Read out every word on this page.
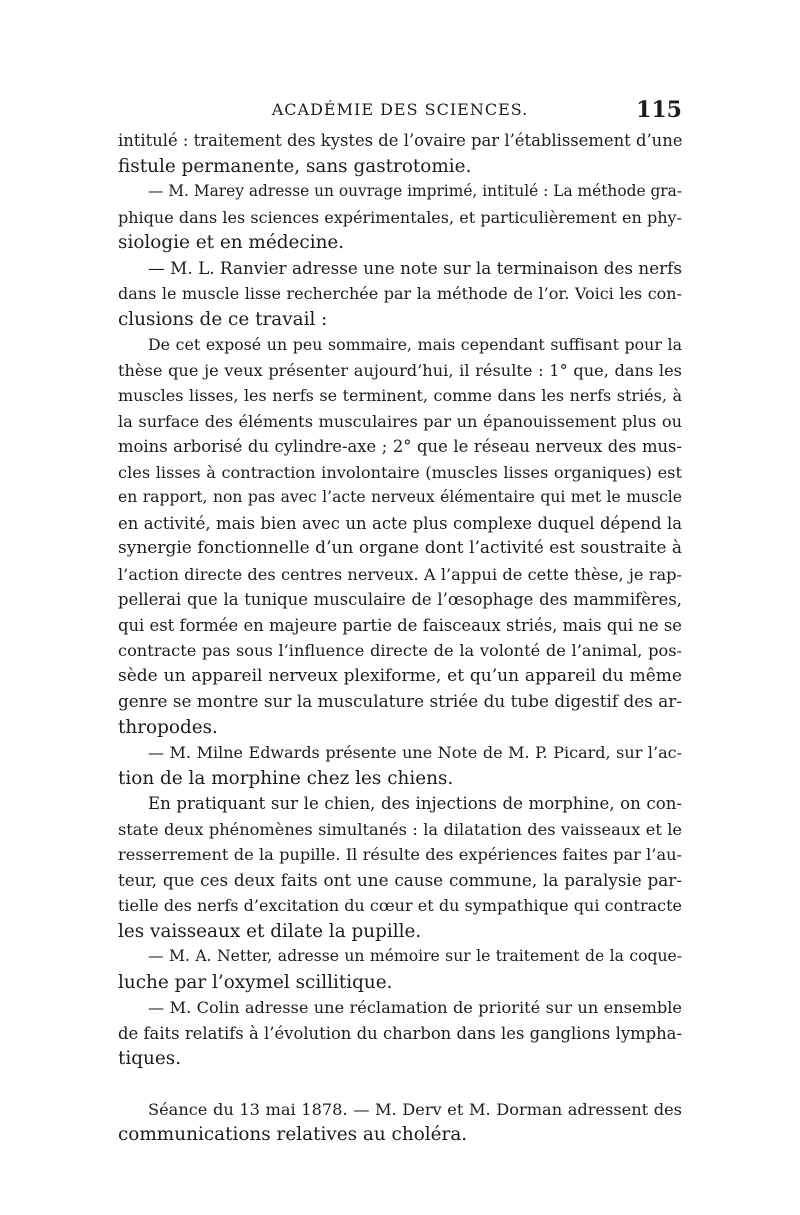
ACADÉMIE DES SCIENCES.	115
intitulé : traitement des kystes de l’ovaire par l’établissement d’une
fistule permanente, sans gastrotomie.
— M. Marey adresse un ouvrage imprimé, intitulé : La méthode gra-
phique dans les sciences expérimentales, et particulièrement en phy-
siologie et en médecine.
— M. L. Ranvier adresse une note sur la terminaison des nerfs
dans le muscle lisse recherchée par la méthode de l’or. Voici les con-
clusions de ce travail :
De cet exposé un peu sommaire, mais cependant suffisant pour la
thèse que je veux présenter aujourd’hui, il résulte : 1° que, dans les
muscles lisses, les nerfs se terminent, comme dans les nerfs striés, à
la surface des éléments musculaires par un épanouissement plus ou
moins arborisé du cylindre-axe ; 2° que le réseau nerveux des mus-
cles lisses à contraction involontaire (muscles lisses organiques) est
en rapport, non pas avec l’acte nerveux élémentaire qui met le muscle
en activité, mais bien avec un acte plus complexe duquel dépend la
synergie fonctionnelle d’un organe dont l’activité est soustraite à
l’action directe des centres nerveux. A l’appui de cette thèse, je rap-
pellerai que la tunique musculaire de l’œsophage des mammifères,
qui est formée en majeure partie de faisceaux striés, mais qui ne se
contracte pas sous l’influence directe de la volonté de l’animal, pos-
sède un appareil nerveux plexiforme, et qu’un appareil du même
genre se montre sur la musculature striée du tube digestif des ar-
thropodes.
— M. Milne Edwards présente une Note de M. P. Picard, sur l’ac-
tion de la morphine chez les chiens.
En pratiquant sur le chien, des injections de morphine, on con-
state deux phénomènes simultanés : la dilatation des vaisseaux et le
resserrement de la pupille. Il résulte des expériences faites par l’au-
teur, que ces deux faits ont une cause commune, la paralysie par-
tielle des nerfs d’excitation du cœur et du sympathique qui contracte
les vaisseaux et dilate la pupille.
— M. A. Netter, adresse un mémoire sur le traitement de la coque-
luche par l’oxymel scillitique.
— M. Colin adresse une réclamation de priorité sur un ensemble
de faits relatifs à l’évolution du charbon dans les ganglions lympha-
tiques.
Séance du 13 mai 1878. — M. Derv et M. Dorman adressent des
communications relatives au choléra.
